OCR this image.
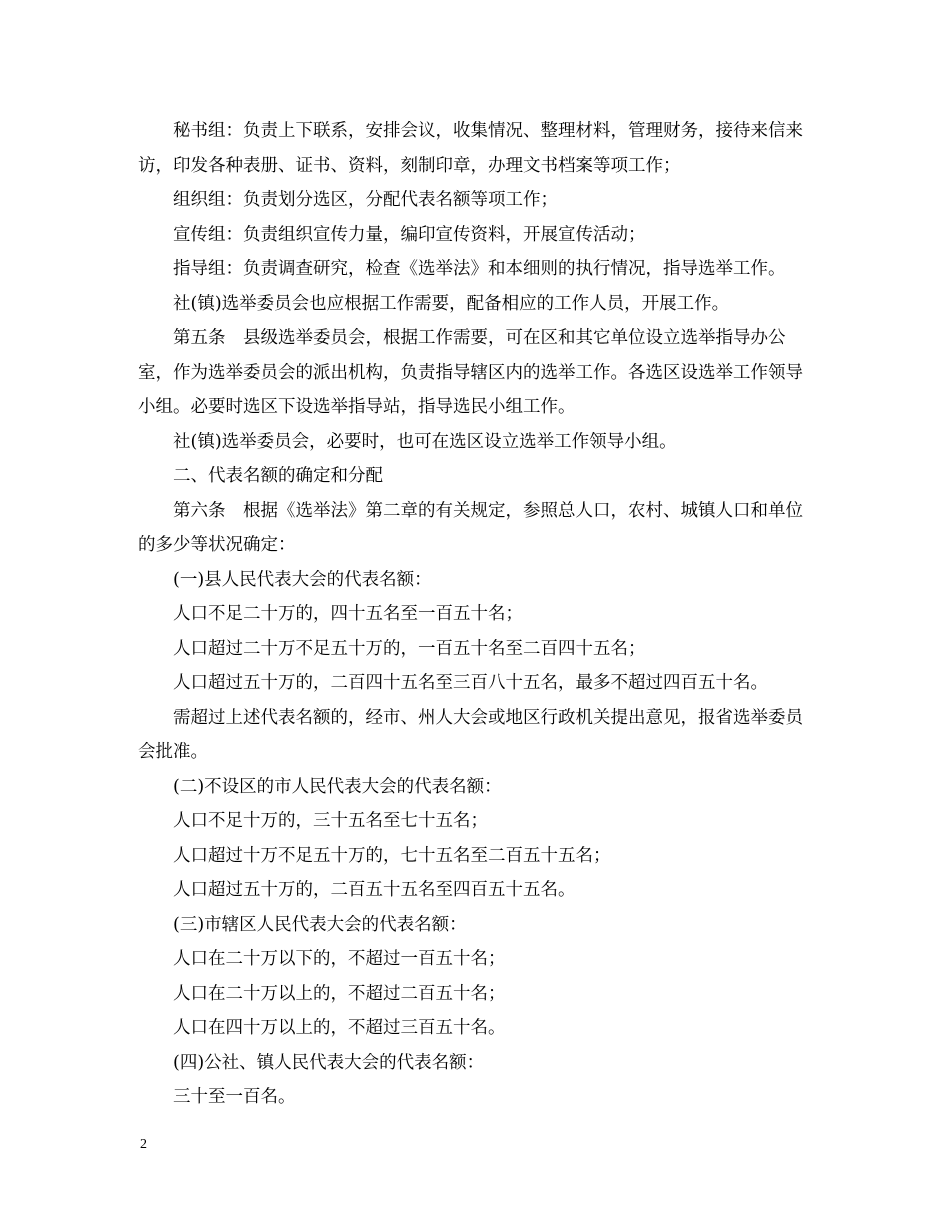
秘书组：负责上下联系，安排会议，收集情况、整理材料，管理财务，接待来信来访，印发各种表册、证书、资料，刻制印章，办理文书档案等项工作；

组织组：负责划分选区，分配代表名额等项工作；

宣传组：负责组织宣传力量，编印宣传资料，开展宣传活动；

指导组：负责调查研究，检查《选举法》和本细则的执行情况，指导选举工作。

社(镇)选举委员会也应根据工作需要，配备相应的工作人员，开展工作。

第五条　县级选举委员会，根据工作需要，可在区和其它单位设立选举指导办公室，作为选举委员会的派出机构，负责指导辖区内的选举工作。各选区设选举工作领导小组。必要时选区下设选举指导站，指导选民小组工作。

社(镇)选举委员会，必要时，也可在选区设立选举工作领导小组。

二、代表名额的确定和分配

第六条　根据《选举法》第二章的有关规定，参照总人口，农村、城镇人口和单位的多少等状况确定：

(一)县人民代表大会的代表名额：

人口不足二十万的，四十五名至一百五十名；

人口超过二十万不足五十万的，一百五十名至二百四十五名；

人口超过五十万的，二百四十五名至三百八十五名，最多不超过四百五十名。

需超过上述代表名额的，经市、州人大会或地区行政机关提出意见，报省选举委员会批准。

(二)不设区的市人民代表大会的代表名额：

人口不足十万的，三十五名至七十五名；

人口超过十万不足五十万的，七十五名至二百五十五名；

人口超过五十万的，二百五十五名至四百五十五名。

(三)市辖区人民代表大会的代表名额：

人口在二十万以下的，不超过一百五十名；

人口在二十万以上的，不超过二百五十名；

人口在四十万以上的，不超过三百五十名。

(四)公社、镇人民代表大会的代表名额：

三十至一百名。

2
